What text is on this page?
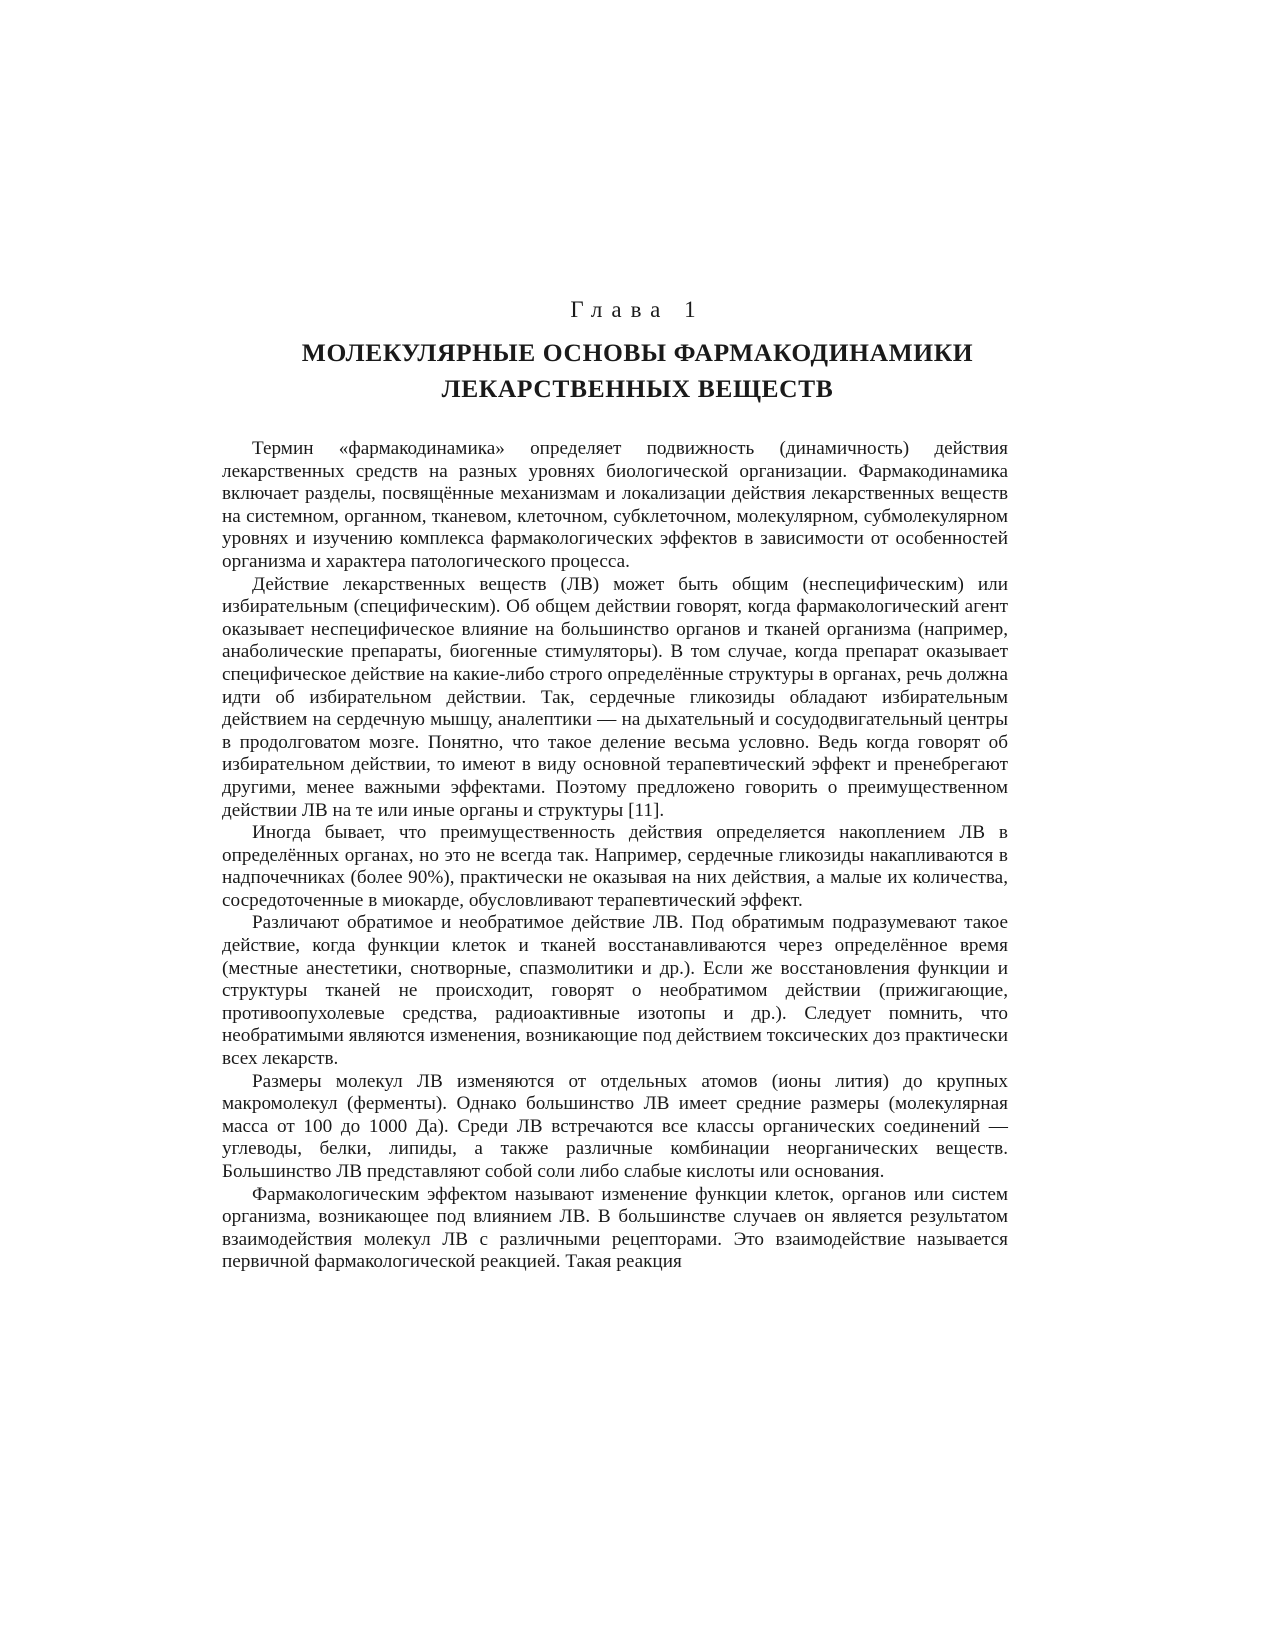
Глава 1
МОЛЕКУЛЯРНЫЕ ОСНОВЫ ФАРМАКОДИНАМИКИ
ЛЕКАРСТВЕННЫХ ВЕЩЕСТВ

Термин «фармакодинамика» определяет подвижность (динамичность) действия лекарственных средств на разных уровнях биологической организации. Фармакодинамика включает разделы, посвящённые механизмам и локализации действия лекарственных веществ на системном, органном, тканевом, клеточном, субклеточном, молекулярном, субмолекулярном уровнях и изучению комплекса фармакологических эффектов в зависимости от особенностей организма и характера патологического процесса.

Действие лекарственных веществ (ЛВ) может быть общим (неспецифическим) или избирательным (специфическим). Об общем действии говорят, когда фармакологический агент оказывает неспецифическое влияние на большинство органов и тканей организма (например, анаболические препараты, биогенные стимуляторы). В том случае, когда препарат оказывает специфическое действие на какие-либо строго определённые структуры в органах, речь должна идти об избирательном действии. Так, сердечные гликозиды обладают избирательным действием на сердечную мышцу, аналептики — на дыхательный и сосудодвигательный центры в продолговатом мозге. Понятно, что такое деление весьма условно. Ведь когда говорят об избирательном действии, то имеют в виду основной терапевтический эффект и пренебрегают другими, менее важными эффектами. Поэтому предложено говорить о преимущественном действии ЛВ на те или иные органы и структуры [11].

Иногда бывает, что преимущественность действия определяется накоплением ЛВ в определённых органах, но это не всегда так. Например, сердечные гликозиды накапливаются в надпочечниках (более 90%), практически не оказывая на них действия, а малые их количества, сосредоточенные в миокарде, обусловливают терапевтический эффект.

Различают обратимое и необратимое действие ЛВ. Под обратимым подразумевают такое действие, когда функции клеток и тканей восстанавливаются через определённое время (местные анестетики, снотворные, спазмолитики и др.). Если же восстановления функции и структуры тканей не происходит, говорят о необратимом действии (прижигающие, противоопухолевые средства, радиоактивные изотопы и др.). Следует помнить, что необратимыми являются изменения, возникающие под действием токсических доз практически всех лекарств.

Размеры молекул ЛВ изменяются от отдельных атомов (ионы лития) до крупных макромолекул (ферменты). Однако большинство ЛВ имеет средние размеры (молекулярная масса от 100 до 1000 Да). Среди ЛВ встречаются все классы органических соединений — углеводы, белки, липиды, а также различные комбинации неорганических веществ. Большинство ЛВ представляют собой соли либо слабые кислоты или основания.

Фармакологическим эффектом называют изменение функции клеток, органов или систем организма, возникающее под влиянием ЛВ. В большинстве случаев он является результатом взаимодействия молекул ЛВ с различными рецепторами. Это взаимодействие называется первичной фармакологической реакцией. Такая реакция
